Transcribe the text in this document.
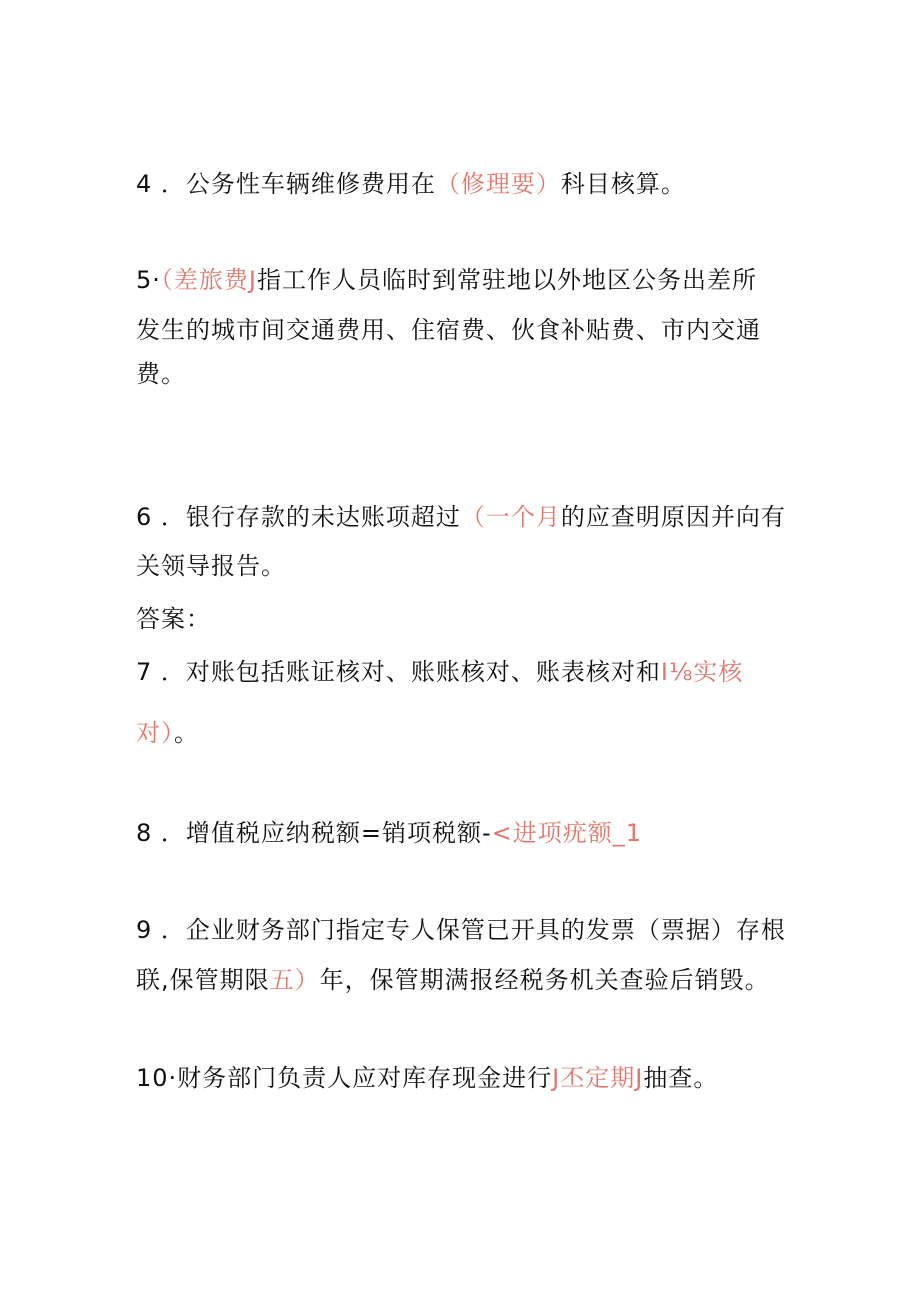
4 ．公务性车辆维修费用在（修理要）科目核算。
5·（差旅费J指工作人员临时到常驻地以外地区公务出差所
发生的城市间交通费用、住宿费、伙食补贴费、市内交通
费。
6 ．银行存款的未达账项超过（一个月的应查明原因并向有
关领导报告。
答案：
7 ．对账包括账证核对、账账核对、账表核对和I⅛实核
对）。
8 ．增值税应纳税额=销项税额-<进项疣额_1
9 ．企业财务部门指定专人保管已开具的发票（票据）存根
联,保管期限五）年，保管期满报经税务机关查验后销毁。
10·财务部门负责人应对库存现金进行J丕定期J抽查。
